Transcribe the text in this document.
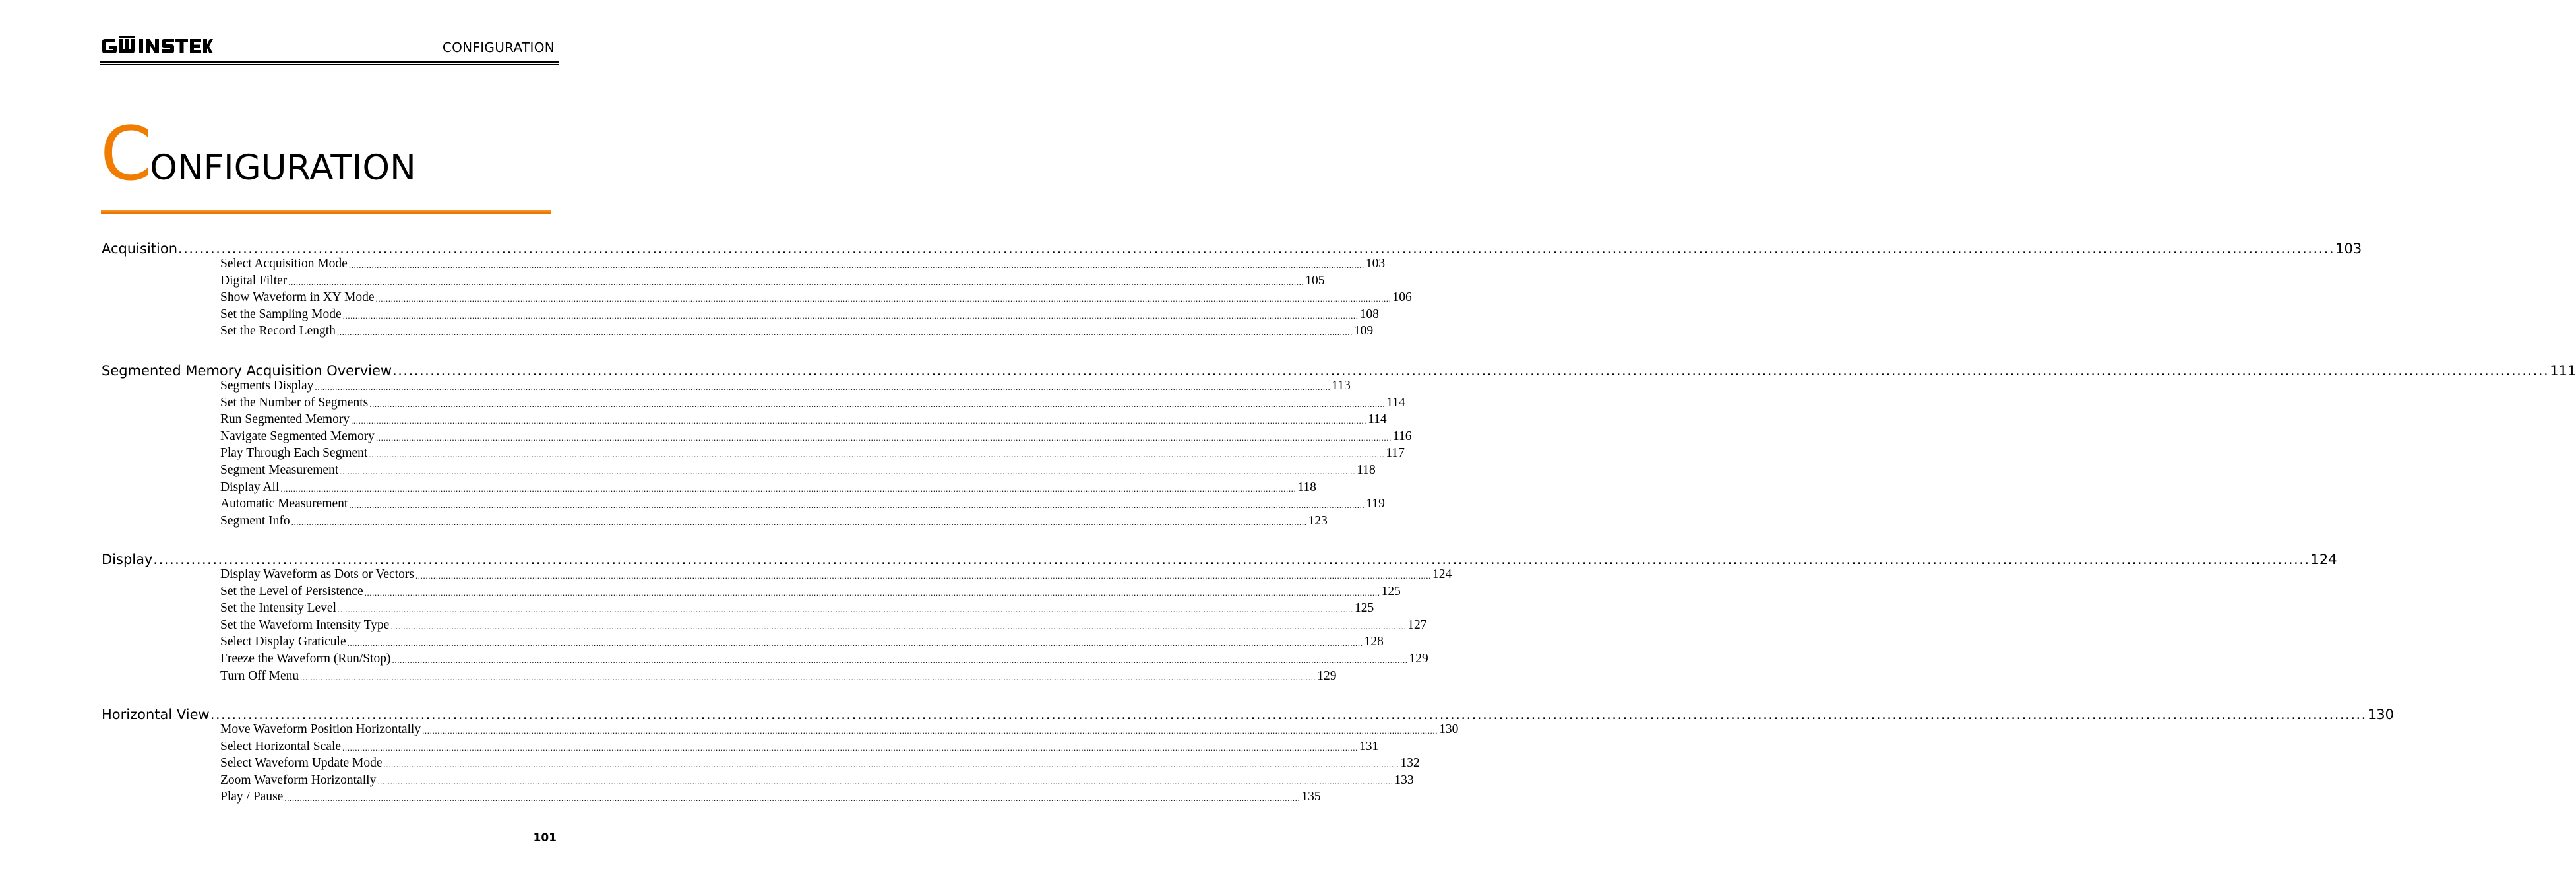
CONFIGURATION
CONFIGURATION
Acquisition ................................................................................................................................................................................................................................................................................................................................................................................................................ 103
Select Acquisition Mode ................................................................................................................................................................................................................................................................................................................................................................................................................ 103
Digital Filter ................................................................................................................................................................................................................................................................................................................................................................................................................ 105
Show Waveform in XY Mode ................................................................................................................................................................................................................................................................................................................................................................................................................ 106
Set the Sampling Mode ................................................................................................................................................................................................................................................................................................................................................................................................................ 108
Set the Record Length ................................................................................................................................................................................................................................................................................................................................................................................................................ 109
Segmented Memory Acquisition Overview ................................................................................................................................................................................................................................................................................................................................................................................................................ 111
Segments Display ................................................................................................................................................................................................................................................................................................................................................................................................................ 113
Set the Number of Segments ................................................................................................................................................................................................................................................................................................................................................................................................................ 114
Run Segmented Memory ................................................................................................................................................................................................................................................................................................................................................................................................................ 114
Navigate Segmented Memory ................................................................................................................................................................................................................................................................................................................................................................................................................ 116
Play Through Each Segment ................................................................................................................................................................................................................................................................................................................................................................................................................ 117
Segment Measurement ................................................................................................................................................................................................................................................................................................................................................................................................................ 118
Display All ................................................................................................................................................................................................................................................................................................................................................................................................................ 118
Automatic Measurement ................................................................................................................................................................................................................................................................................................................................................................................................................ 119
Segment Info ................................................................................................................................................................................................................................................................................................................................................................................................................ 123
Display ................................................................................................................................................................................................................................................................................................................................................................................................................ 124
Display Waveform as Dots or Vectors ................................................................................................................................................................................................................................................................................................................................................................................................................ 124
Set the Level of Persistence ................................................................................................................................................................................................................................................................................................................................................................................................................ 125
Set the Intensity Level ................................................................................................................................................................................................................................................................................................................................................................................................................ 125
Set the Waveform Intensity Type ................................................................................................................................................................................................................................................................................................................................................................................................................ 127
Select Display Graticule ................................................................................................................................................................................................................................................................................................................................................................................................................ 128
Freeze the Waveform (Run/Stop) ................................................................................................................................................................................................................................................................................................................................................................................................................ 129
Turn Off Menu ................................................................................................................................................................................................................................................................................................................................................................................................................ 129
Horizontal View ................................................................................................................................................................................................................................................................................................................................................................................................................ 130
Move Waveform Position Horizontally ................................................................................................................................................................................................................................................................................................................................................................................................................ 130
Select Horizontal Scale ................................................................................................................................................................................................................................................................................................................................................................................................................ 131
Select Waveform Update Mode ................................................................................................................................................................................................................................................................................................................................................................................................................ 132
Zoom Waveform Horizontally ................................................................................................................................................................................................................................................................................................................................................................................................................ 133
Play / Pause ................................................................................................................................................................................................................................................................................................................................................................................................................ 135
101
